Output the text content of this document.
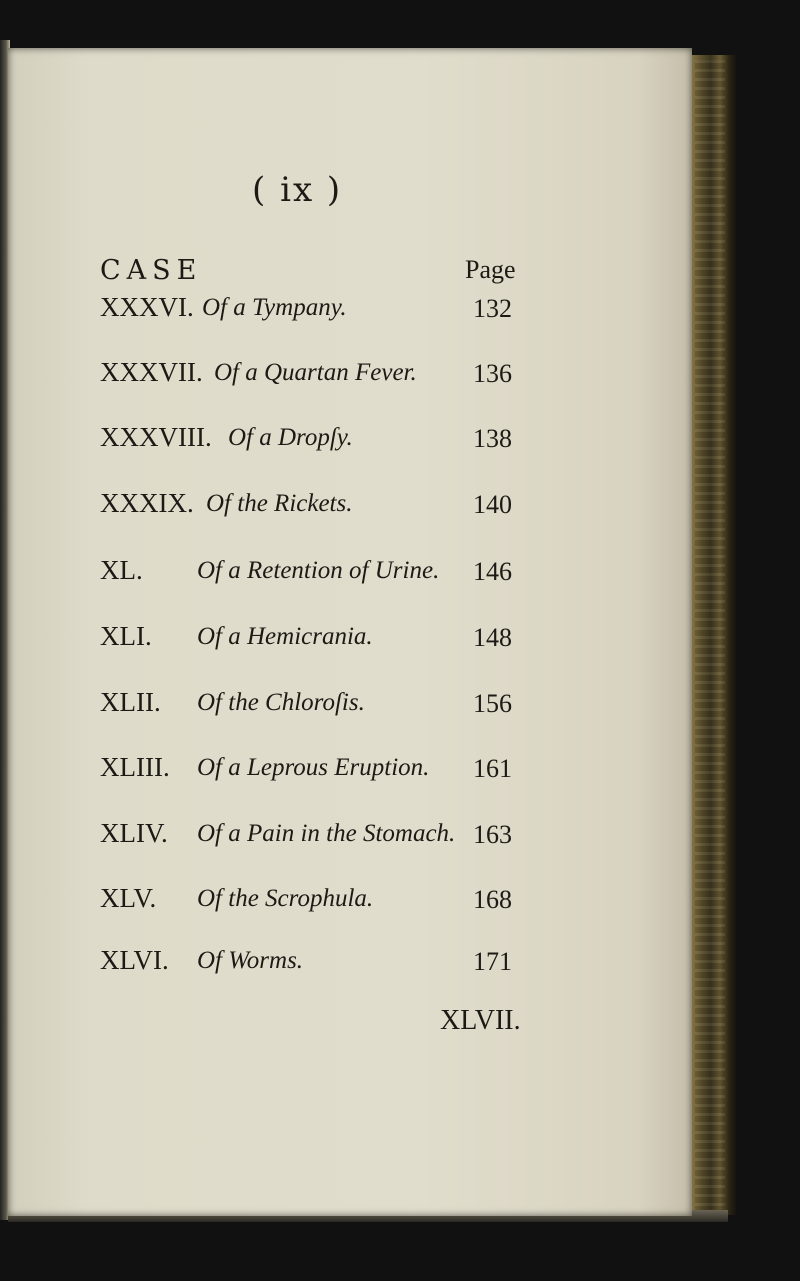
( ix )
CASE	Page
XXXVI. Of a Tympany.	132
XXXVII. Of a Quartan Fever. 136
XXXVIII. Of a Dropſy.	138
XXXIX. Of the Rickets.	140
XL. Of a Retention of Urine. 146
XLI. Of a Hemicrania.	148
XLII. Of the Chloroſis.	156
XLIII. Of a Leprous Eruption. 161
XLIV. Of a Pain in the Stomach. 163
XLV. Of the Scrophula.	168
XLVI. Of Worms.	171
XLVII.
